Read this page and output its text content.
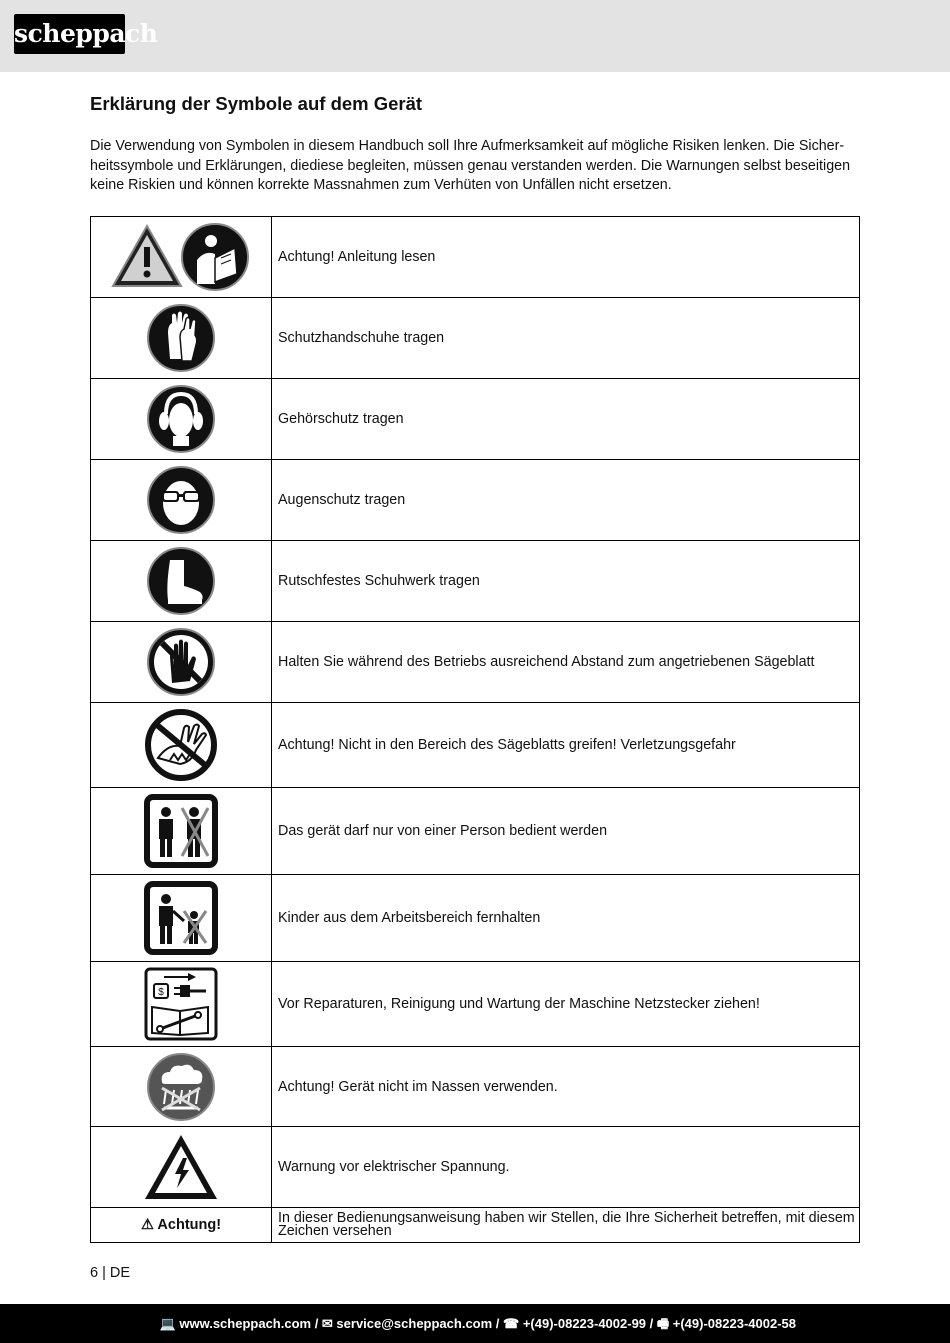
scheppach
Erklärung der Symbole auf dem Gerät

Die Verwendung von Symbolen in diesem Handbuch soll Ihre Aufmerksamkeit auf mögliche Risiken lenken. Die Sicher-heitssymbole und Erklärungen, diediese begleiten, müssen genau verstanden werden. Die Warnungen selbst beseitigen keine Riskien und können korrekte Massnahmen zum Verhüten von Unfällen nicht ersetzen.

	Achtung! Anleitung lesen

	Schutzhandschuhe tragen

	Gehörschutz tragen

	Augenschutz tragen

	Rutschfestes Schuhwerk tragen

	Halten Sie während des Betriebs ausreichend Abstand zum angetriebenen Sägeblatt

	Achtung! Nicht in den Bereich des Sägeblatts greifen! Verletzungsgefahr

	Das gerät darf nur von einer Person bedient werden

	Kinder aus dem Arbeitsbereich fernhalten

$	Vor Reparaturen, Reinigung und Wartung der Maschine Netzstecker ziehen!

	Achtung! Gerät nicht im Nassen verwenden.

	Warnung vor elektrischer Spannung.
⚠ Achtung!	In dieser Bedienungsanweisung haben wir Stellen, die Ihre Sicherheit betreffen, mit diesem Zeichen versehen
6 | DE
💻 www.scheppach.com / ✉ service@scheppach.com / ☎ +(49)-08223-4002-99 / 🖷 +(49)-08223-4002-58
